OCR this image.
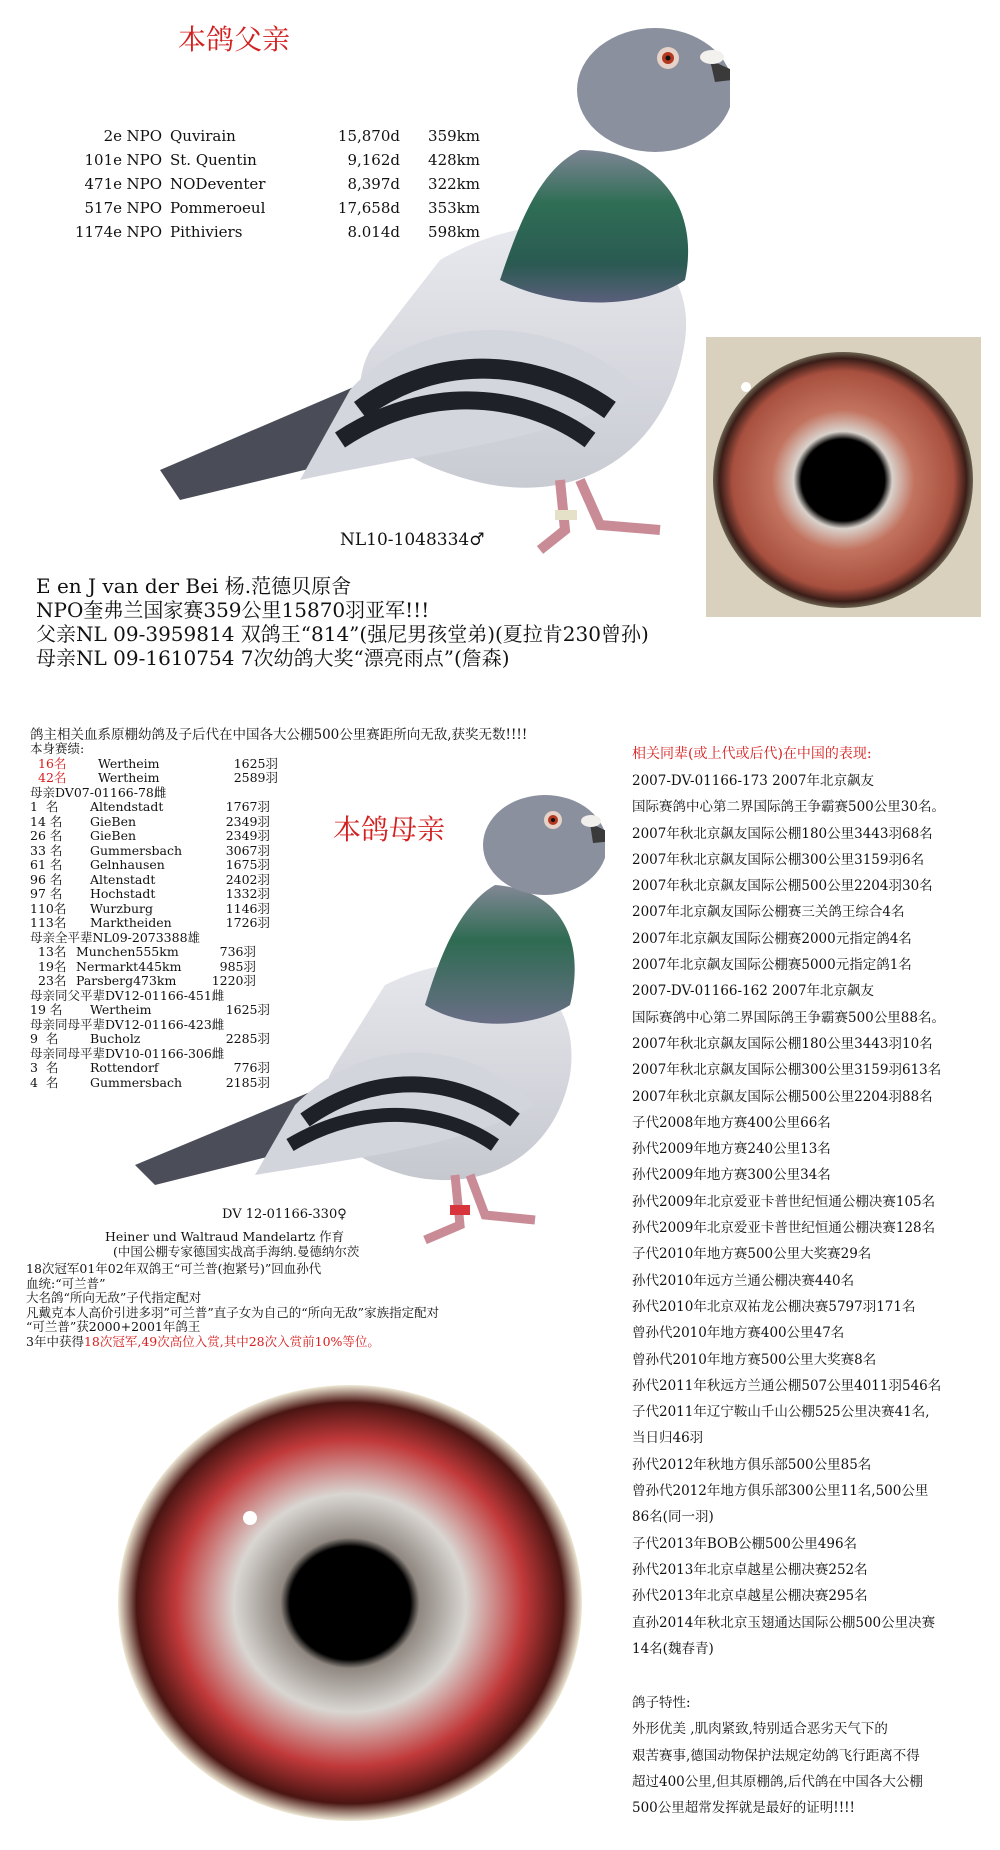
本鸽父亲
2e NPO Quvirain	15,870d	359km
101e NPO St. Quentin	9,162d	428km
471e NPO NODeventer	8,397d	322km
517e NPO Pommeroeul	17,658d	353km
1174e NPO Pithiviers	8.014d	598km
NL10-1048334♂
E en J van der Bei 杨.范德贝原舍
NPO奎弗兰国家赛359公里15870羽亚军!!!
父亲NL 09-3959814 双鸽王“814”(强尼男孩堂弟)(夏拉肯230曾孙)
母亲NL 09-1610754 7次幼鸽大奖“漂亮雨点”(詹森)
鸽主相关血系原棚幼鸽及子后代在中国各大公棚500公里赛距所向无敌,获奖无数!!!!
本身赛绩:
16名	Wertheim	1625羽
42名	Wertheim	2589羽
母亲DV07-01166-78雌
1  名	Altendstadt	1767羽
14 名	GieBen	2349羽
26 名	GieBen	2349羽
33 名	Gummersbach	3067羽
61 名	Gelnhausen	1675羽
96 名	Altenstadt	2402羽
97 名	Hochstadt	1332羽
110名	Wurzburg	1146羽
113名	Marktheiden	1726羽
母亲全平辈NL09-2073388雄
13名 Munchen555km	736羽
19名 Nermarkt445km	985羽
23名 Parsberg473km	1220羽
母亲同父平辈DV12-01166-451雌
19 名	Wertheim	1625羽
母亲同母平辈DV12-01166-423雌
9  名	Bucholz	2285羽
母亲同母平辈DV10-01166-306雌
3  名	Rottendorf	776羽
4  名	Gummersbach	2185羽
本鸽母亲
DV 12-01166-330♀
Heiner und Waltraud Mandelartz 作育
(中国公棚专家德国实战高手海纳.曼德纳尔茨
18次冠军01年02年双鸽王“可兰普(抱紧号)”回血孙代
血统:“可兰普”
大名鸽“所向无敌”子代指定配对
凡戴克本人高价引进多羽”可兰普”直子女为自己的“所向无敌”家族指定配对
“可兰普”获2000+2001年鸽王
3年中获得18次冠军,49次高位入赏,其中28次入赏前10%等位。
相关同辈(或上代或后代)在中国的表现:
2007-DV-01166-173 2007年北京飙友
国际赛鸽中心第二界国际鸽王争霸赛500公里30名。
2007年秋北京飙友国际公棚180公里3443羽68名
2007年秋北京飙友国际公棚300公里3159羽6名
2007年秋北京飙友国际公棚500公里2204羽30名
2007年北京飙友国际公棚赛三关鸽王综合4名
2007年北京飙友国际公棚赛2000元指定鸽4名
2007年北京飙友国际公棚赛5000元指定鸽1名
2007-DV-01166-162 2007年北京飙友
国际赛鸽中心第二界国际鸽王争霸赛500公里88名。
2007年秋北京飙友国际公棚180公里3443羽10名
2007年秋北京飙友国际公棚300公里3159羽613名
2007年秋北京飙友国际公棚500公里2204羽88名
子代2008年地方赛400公里66名
孙代2009年地方赛240公里13名
孙代2009年地方赛300公里34名
孙代2009年北京爱亚卡普世纪恒通公棚决赛105名
孙代2009年北京爱亚卡普世纪恒通公棚决赛128名
子代2010年地方赛500公里大奖赛29名
孙代2010年远方兰通公棚决赛440名
孙代2010年北京双祐龙公棚决赛5797羽171名
曾孙代2010年地方赛400公里47名
曾孙代2010年地方赛500公里大奖赛8名
孙代2011年秋远方兰通公棚507公里4011羽546名
子代2011年辽宁鞍山千山公棚525公里决赛41名,
当日归46羽
孙代2012年秋地方俱乐部500公里85名
曾孙代2012年地方俱乐部300公里11名,500公里
86名(同一羽)
子代2013年BOB公棚500公里496名
孙代2013年北京卓越星公棚决赛252名
孙代2013年北京卓越星公棚决赛295名
直孙2014年秋北京玉翅通达国际公棚500公里决赛
14名(魏春青)
鸽子特性:
外形优美 ,肌肉紧致,特别适合恶劣天气下的
艰苦赛事,德国动物保护法规定幼鸽飞行距离不得
超过400公里,但其原棚鸽,后代鸽在中国各大公棚
500公里超常发挥就是最好的证明!!!!
